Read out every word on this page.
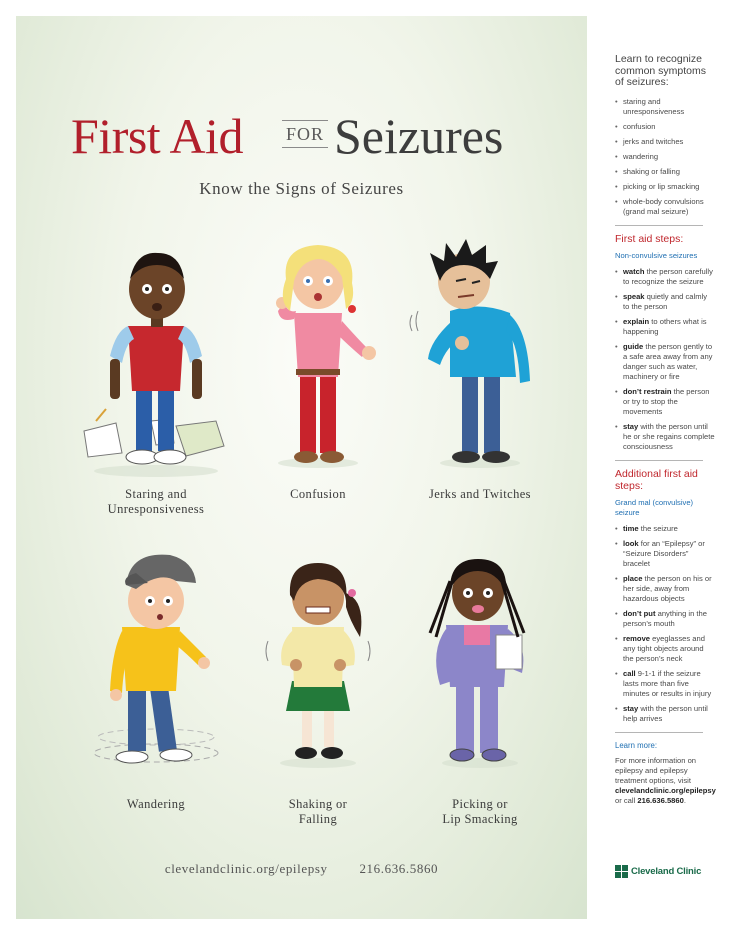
First Aid FOR Seizures
Know the Signs of Seizures
Staring and
Unresponsiveness
Confusion	Jerks and Twitches
Wandering	Shaking or
Falling
Picking or
Lip Smacking
clevelandclinic.org/epilepsy 216.636.5860
Learn to recognize common symptoms of seizures:
• staring and unresponsiveness
• confusion
• jerks and twitches
• wandering
• shaking or falling
• picking or lip smacking
• whole-body convulsions (grand mal seizure)
First aid steps:
Non-convulsive seizures
• watch the person carefully to recognize the seizure
• speak quietly and calmly to the person
• explain to others what is happening
• guide the person gently to a safe area away from any danger such as water, machinery or fire
• don’t restrain the person or try to stop the movements
• stay with the person until he or she regains complete consciousness
Additional first aid steps:
Grand mal (convulsive) seizure
• time the seizure
• look for an “Epilepsy” or “Seizure Disorders” bracelet
• place the person on his or her side, away from hazardous objects
• don’t put anything in the person’s mouth
• remove eyeglasses and any tight objects around the person’s neck
• call 9-1-1 if the seizure lasts more than five minutes or results in injury
• stay with the person until help arrives
Learn more:
For more information on epilepsy and epilepsy treatment options, visit clevelandclinic.org/epilepsy or call 216.636.5860.
Cleveland Clinic
